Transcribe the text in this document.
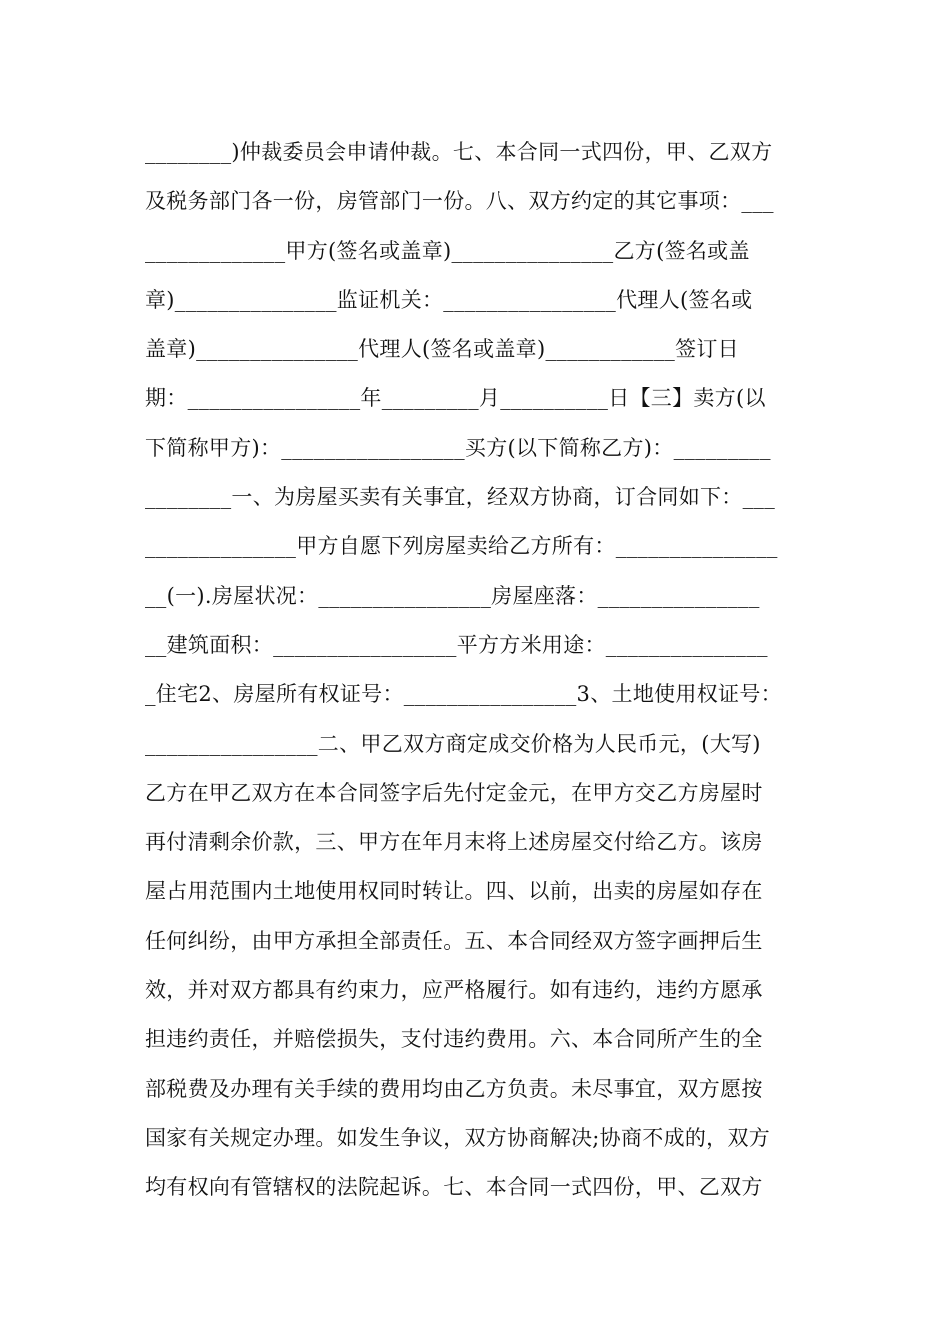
________)仲裁委员会申请仲裁。七、本合同一式四份，甲、乙双方
及税务部门各一份，房管部门一份。八、双方约定的其它事项：___
_____________甲方(签名或盖章)_______________乙方(签名或盖
章)_______________监证机关：________________代理人(签名或
盖章)_______________代理人(签名或盖章)____________签订日
期：________________年_________月__________日【三】卖方(以
下简称甲方)：_________________买方(以下简称乙方)：_________
________一、为房屋买卖有关事宜，经双方协商，订合同如下：___
______________甲方自愿下列房屋卖给乙方所有：_______________
__(一).房屋状况：________________房屋座落：_______________
__建筑面积：_________________平方方米用途：_______________
_住宅2、房屋所有权证号：________________3、土地使用权证号：
________________二、甲乙双方商定成交价格为人民币元，(大写)
乙方在甲乙双方在本合同签字后先付定金元，在甲方交乙方房屋时
再付清剩余价款，三、甲方在年月末将上述房屋交付给乙方。该房
屋占用范围内土地使用权同时转让。四、以前，出卖的房屋如存在
任何纠纷，由甲方承担全部责任。五、本合同经双方签字画押后生
效，并对双方都具有约束力，应严格履行。如有违约，违约方愿承
担违约责任，并赔偿损失，支付违约费用。六、本合同所产生的全
部税费及办理有关手续的费用均由乙方负责。未尽事宜，双方愿按
国家有关规定办理。如发生争议，双方协商解决;协商不成的，双方
均有权向有管辖权的法院起诉。七、本合同一式四份，甲、乙双方
